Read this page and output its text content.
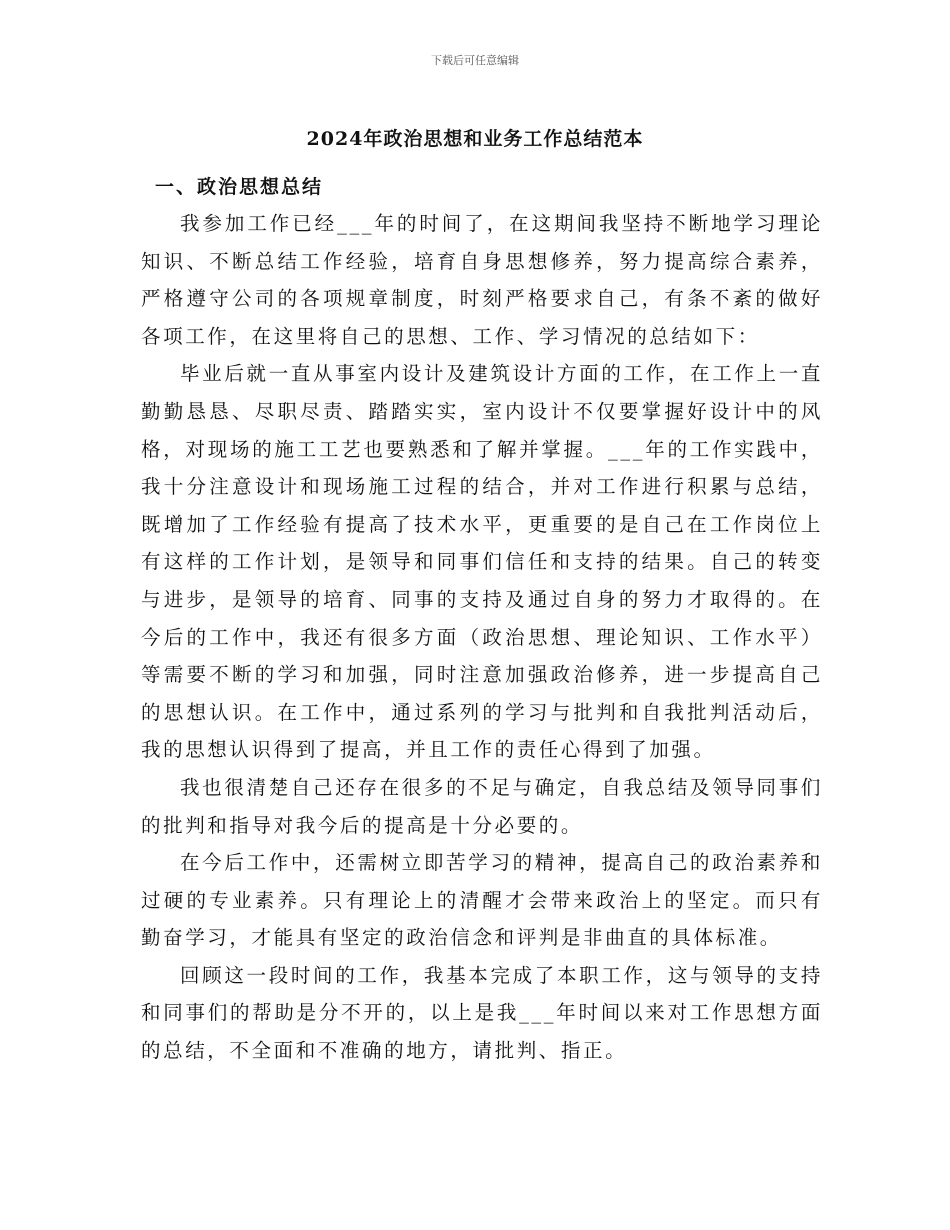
下载后可任意编辑
2024年政治思想和业务工作总结范本
一、政治思想总结

我参加工作已经___年的时间了，在这期间我坚持不断地学习理论知识、不断总结工作经验，培育自身思想修养，努力提高综合素养，严格遵守公司的各项规章制度，时刻严格要求自己，有条不紊的做好各项工作，在这里将自己的思想、工作、学习情况的总结如下：

毕业后就一直从事室内设计及建筑设计方面的工作，在工作上一直勤勤恳恳、尽职尽责、踏踏实实，室内设计不仅要掌握好设计中的风格，对现场的施工工艺也要熟悉和了解并掌握。___年的工作实践中，我十分注意设计和现场施工过程的结合，并对工作进行积累与总结，既增加了工作经验有提高了技术水平，更重要的是自己在工作岗位上有这样的工作计划，是领导和同事们信任和支持的结果。自己的转变与进步，是领导的培育、同事的支持及通过自身的努力才取得的。在今后的工作中，我还有很多方面（政治思想、理论知识、工作水平）等需要不断的学习和加强，同时注意加强政治修养，进一步提高自己的思想认识。在工作中，通过系列的学习与批判和自我批判活动后，我的思想认识得到了提高，并且工作的责任心得到了加强。

我也很清楚自己还存在很多的不足与确定，自我总结及领导同事们的批判和指导对我今后的提高是十分必要的。

在今后工作中，还需树立即苦学习的精神，提高自己的政治素养和过硬的专业素养。只有理论上的清醒才会带来政治上的坚定。而只有勤奋学习，才能具有坚定的政治信念和评判是非曲直的具体标准。

回顾这一段时间的工作，我基本完成了本职工作，这与领导的支持和同事们的帮助是分不开的，以上是我___年时间以来对工作思想方面的总结，不全面和不准确的地方，请批判、指正。
